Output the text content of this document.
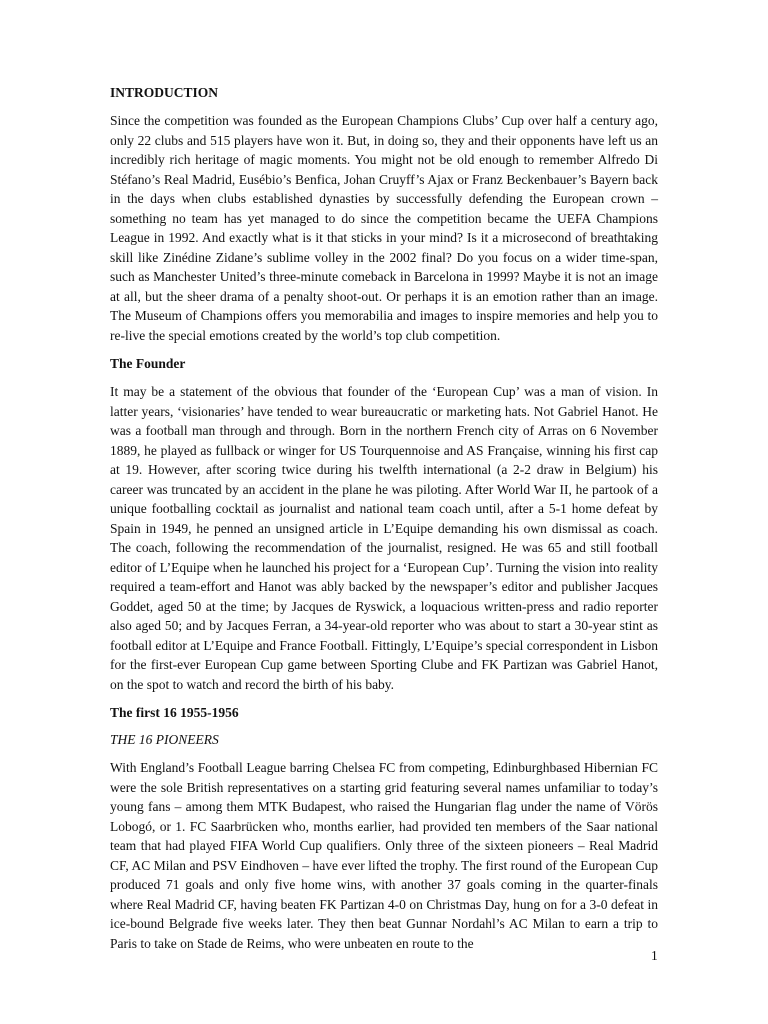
INTRODUCTION
Since the competition was founded as the European Champions Clubs’ Cup over half a century ago, only 22 clubs and 515 players have won it. But, in doing so, they and their opponents have left us an incredibly rich heritage of magic moments. You might not be old enough to remember Alfredo Di Stéfano’s Real Madrid, Eusébio’s Benfica, Johan Cruyff’s Ajax or Franz Beckenbauer’s Bayern back in the days when clubs established dynasties by successfully defending the European crown – something no team has yet managed to do since the competition became the UEFA Champions League in 1992. And exactly what is it that sticks in your mind? Is it a microsecond of breathtaking skill like Zinédine Zidane’s sublime volley in the 2002 final? Do you focus on a wider time-span, such as Manchester United’s three-minute comeback in Barcelona in 1999? Maybe it is not an image at all, but the sheer drama of a penalty shoot-out. Or perhaps it is an emotion rather than an image. The Museum of Champions offers you memorabilia and images to inspire memories and help you to re-live the special emotions created by the world’s top club competition.
The Founder
It may be a statement of the obvious that founder of the ‘European Cup’ was a man of vision. In latter years, ‘visionaries’ have tended to wear bureaucratic or marketing hats. Not Gabriel Hanot. He was a football man through and through. Born in the northern French city of Arras on 6 November 1889, he played as fullback or winger for US Tourquennoise and AS Française, winning his first cap at 19. However, after scoring twice during his twelfth international (a 2-2 draw in Belgium) his career was truncated by an accident in the plane he was piloting. After World War II, he partook of a unique footballing cocktail as journalist and national team coach until, after a 5-1 home defeat by Spain in 1949, he penned an unsigned article in L’Equipe demanding his own dismissal as coach. The coach, following the recommendation of the journalist, resigned. He was 65 and still football editor of L’Equipe when he launched his project for a ‘European Cup’. Turning the vision into reality required a team-effort and Hanot was ably backed by the newspaper’s editor and publisher Jacques Goddet, aged 50 at the time; by Jacques de Ryswick, a loquacious written-press and radio reporter also aged 50; and by Jacques Ferran, a 34-year-old reporter who was about to start a 30-year stint as football editor at L’Equipe and France Football. Fittingly, L’Equipe’s special correspondent in Lisbon for the first-ever European Cup game between Sporting Clube and FK Partizan was Gabriel Hanot, on the spot to watch and record the birth of his baby.
The first 16 1955-1956
THE 16 PIONEERS
With England’s Football League barring Chelsea FC from competing, Edinburghbased Hibernian FC were the sole British representatives on a starting grid featuring several names unfamiliar to today’s young fans – among them MTK Budapest, who raised the Hungarian flag under the name of Vörös Lobogó, or 1. FC Saarbrücken who, months earlier, had provided ten members of the Saar national team that had played FIFA World Cup qualifiers. Only three of the sixteen pioneers – Real Madrid CF, AC Milan and PSV Eindhoven – have ever lifted the trophy. The first round of the European Cup produced 71 goals and only five home wins, with another 37 goals coming in the quarter-finals where Real Madrid CF, having beaten FK Partizan 4-0 on Christmas Day, hung on for a 3-0 defeat in ice-bound Belgrade five weeks later. They then beat Gunnar Nordahl’s AC Milan to earn a trip to Paris to take on Stade de Reims, who were unbeaten en route to the
1
